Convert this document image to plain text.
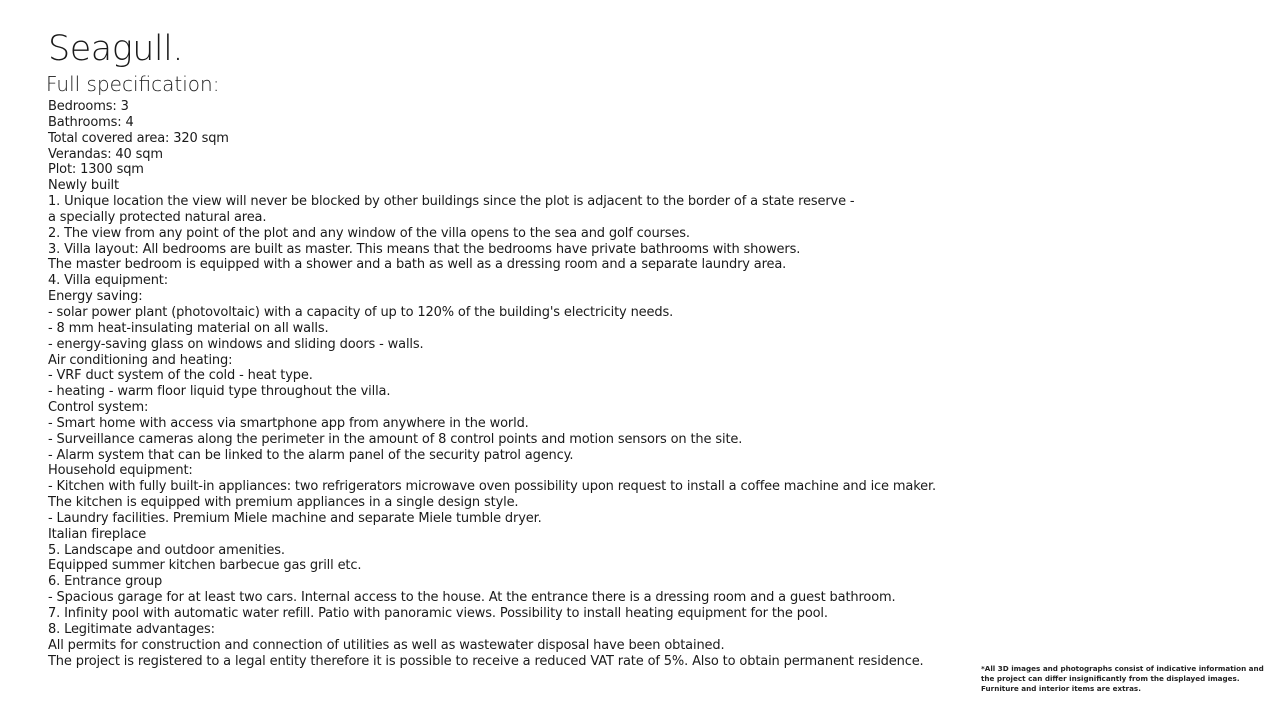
Seagull.
Full specification:
Bedrooms: 3
Bathrooms: 4
Total covered area: 320 sqm
Verandas: 40 sqm
Plot: 1300 sqm
Newly built
1. Unique location the view will never be blocked by other buildings since the plot is adjacent to the border of a state reserve -
a specially protected natural area.
2. The view from any point of the plot and any window of the villa opens to the sea and golf courses.
3. Villa layout: All bedrooms are built as master. This means that the bedrooms have private bathrooms with showers.
The master bedroom is equipped with a shower and a bath as well as a dressing room and a separate laundry area.
4. Villa equipment:
Energy saving:
- solar power plant (photovoltaic) with a capacity of up to 120% of the building's electricity needs.
- 8 mm heat-insulating material on all walls.
- energy-saving glass on windows and sliding doors - walls.
Air conditioning and heating:
- VRF duct system of the cold - heat type.
- heating - warm floor liquid type throughout the villa.
Control system:
- Smart home with access via smartphone app from anywhere in the world.
- Surveillance cameras along the perimeter in the amount of 8 control points and motion sensors on the site.
- Alarm system that can be linked to the alarm panel of the security patrol agency.
Household equipment:
- Kitchen with fully built-in appliances: two refrigerators microwave oven possibility upon request to install a coffee machine and ice maker.
The kitchen is equipped with premium appliances in a single design style.
- Laundry facilities. Premium Miele machine and separate Miele tumble dryer.
Italian fireplace
5. Landscape and outdoor amenities.
Equipped summer kitchen barbecue gas grill etc.
6. Entrance group
- Spacious garage for at least two cars. Internal access to the house. At the entrance there is a dressing room and a guest bathroom.
7. Infinity pool with automatic water refill. Patio with panoramic views. Possibility to install heating equipment for the pool.
8. Legitimate advantages:
All permits for construction and connection of utilities as well as wastewater disposal have been obtained.
The project is registered to a legal entity therefore it is possible to receive a reduced VAT rate of 5%. Also to obtain permanent residence.	*All 3D images and photographs consist of indicative information and
the project can differ insignificantly from the displayed images.
Furniture and interior items are extras.
